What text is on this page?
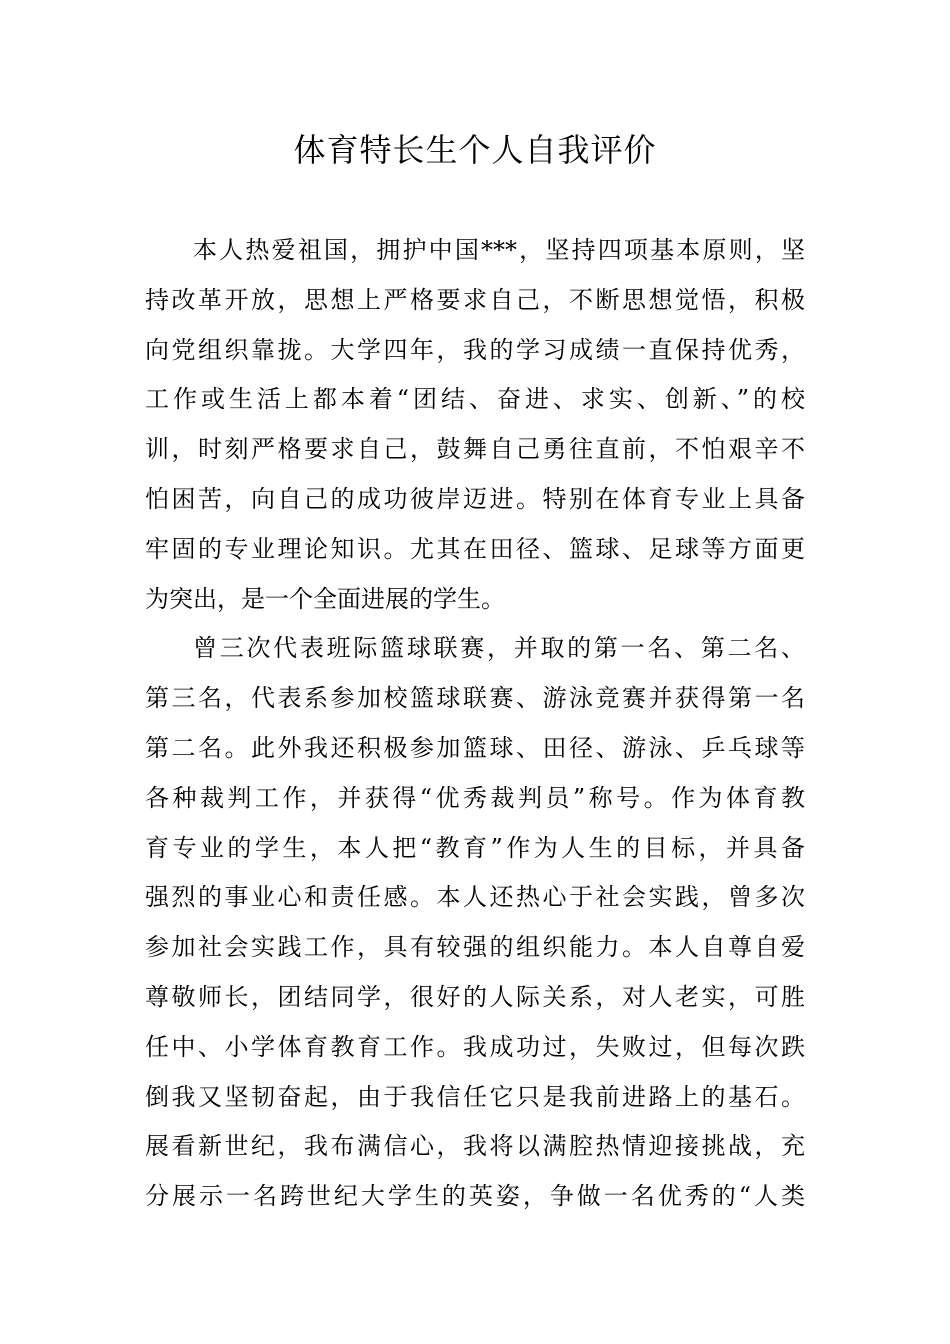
体育特长生个人自我评价

本人热爱祖国，拥护中国***，坚持四项基本原则，坚
持改革开放，思想上严格要求自己，不断思想觉悟，积极
向党组织靠拢。大学四年，我的学习成绩一直保持优秀，
工作或生活上都本着“团结、奋进、求实、创新、”的校
训，时刻严格要求自己，鼓舞自己勇往直前，不怕艰辛不
怕困苦，向自己的成功彼岸迈进。特别在体育专业上具备
牢固的专业理论知识。尤其在田径、篮球、足球等方面更
为突出，是一个全面进展的学生。

曾三次代表班际篮球联赛，并取的第一名、第二名、
第三名，代表系参加校篮球联赛、游泳竞赛并获得第一名
第二名。此外我还积极参加篮球、田径、游泳、乒乓球等
各种裁判工作，并获得“优秀裁判员”称号。作为体育教
育专业的学生，本人把“教育”作为人生的目标，并具备
强烈的事业心和责任感。本人还热心于社会实践，曾多次
参加社会实践工作，具有较强的组织能力。本人自尊自爱
尊敬师长，团结同学，很好的人际关系，对人老实，可胜
任中、小学体育教育工作。我成功过，失败过，但每次跌
倒我又坚韧奋起，由于我信任它只是我前进路上的基石。
展看新世纪，我布满信心，我将以满腔热情迎接挑战，充
分展示一名跨世纪大学生的英姿，争做一名优秀的“人类
